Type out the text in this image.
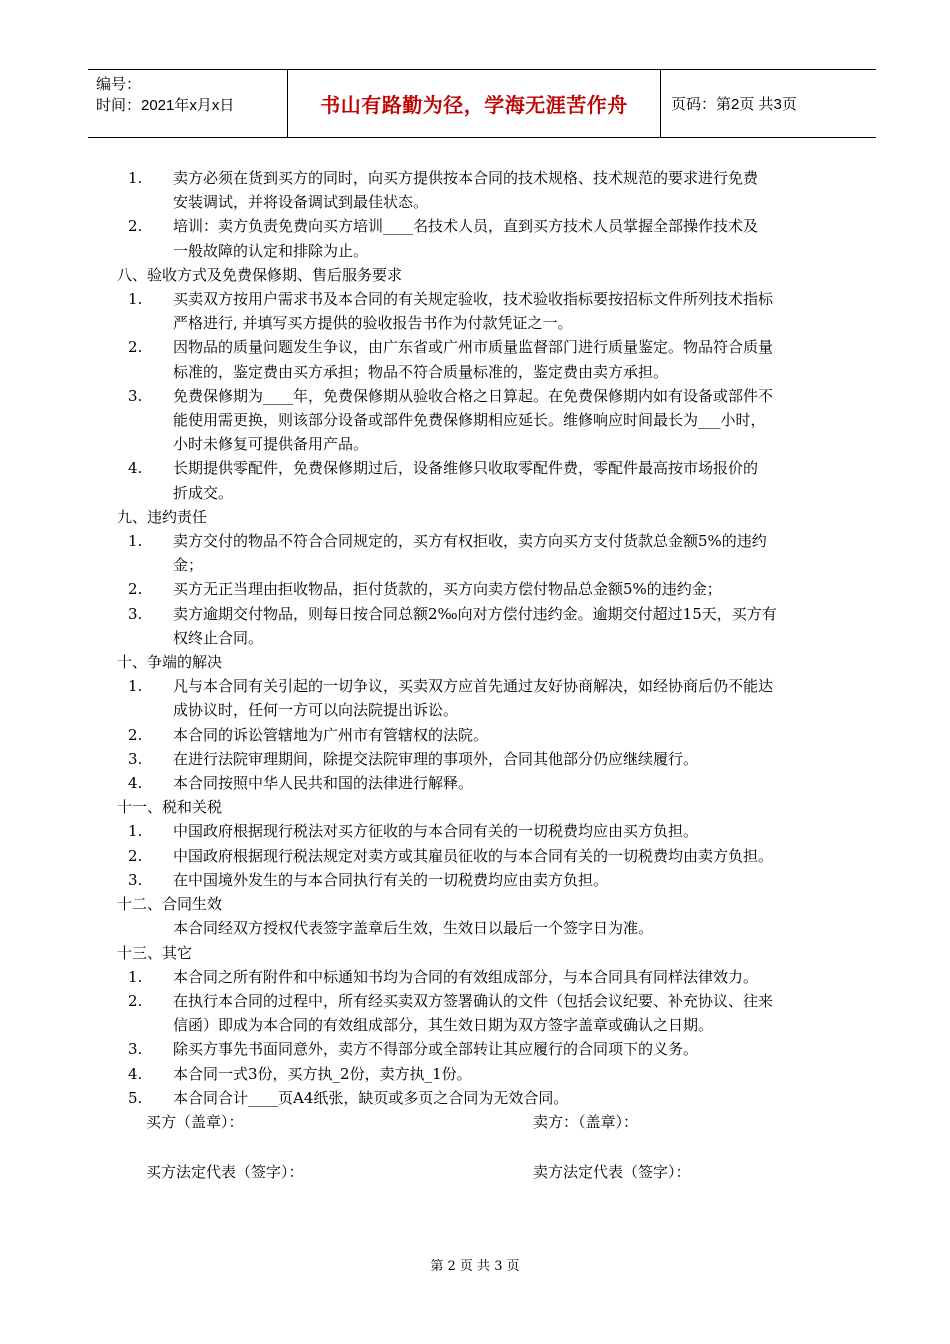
编号：
时间：2021年x月x日	书山有路勤为径，学海无涯苦作舟	页码：第2页 共3页
1. 卖方必须在货到买方的同时，向买方提供按本合同的技术规格、技术规范的要求进行免费
安装调试，并将设备调试到最佳状态。
2. 培训：卖方负责免费向买方培训____名技术人员，直到买方技术人员掌握全部操作技术及
一般故障的认定和排除为止。
八、验收方式及免费保修期、售后服务要求
1. 买卖双方按用户需求书及本合同的有关规定验收，技术验收指标要按招标文件所列技术指标
严格进行, 并填写买方提供的验收报告书作为付款凭证之一。
2. 因物品的质量问题发生争议，由广东省或广州市质量监督部门进行质量鉴定。物品符合质量
标准的，鉴定费由买方承担；物品不符合质量标准的，鉴定费由卖方承担。
3. 免费保修期为____年，免费保修期从验收合格之日算起。在免费保修期内如有设备或部件不
能使用需更换，则该部分设备或部件免费保修期相应延长。维修响应时间最长为___小时，
小时未修复可提供备用产品。
4. 长期提供零配件，免费保修期过后，设备维修只收取零配件费，零配件最高按市场报价的
折成交。
九、违约责任
1. 卖方交付的物品不符合合同规定的，买方有权拒收，卖方向买方支付货款总金额5%的违约
金；
2. 买方无正当理由拒收物品，拒付货款的，买方向卖方偿付物品总金额5%的违约金；
3. 卖方逾期交付物品，则每日按合同总额2‰向对方偿付违约金。逾期交付超过15天，买方有
权终止合同。
十、争端的解决
1. 凡与本合同有关引起的一切争议，买卖双方应首先通过友好协商解决，如经协商后仍不能达
成协议时，任何一方可以向法院提出诉讼。
2. 本合同的诉讼管辖地为广州市有管辖权的法院。
3. 在进行法院审理期间，除提交法院审理的事项外，合同其他部分仍应继续履行。
4. 本合同按照中华人民共和国的法律进行解释。
十一、税和关税
1. 中国政府根据现行税法对买方征收的与本合同有关的一切税费均应由买方负担。
2. 中国政府根据现行税法规定对卖方或其雇员征收的与本合同有关的一切税费均由卖方负担。
3. 在中国境外发生的与本合同执行有关的一切税费均应由卖方负担。
十二、合同生效
本合同经双方授权代表签字盖章后生效，生效日以最后一个签字日为准。
十三、其它
1. 本合同之所有附件和中标通知书均为合同的有效组成部分，与本合同具有同样法律效力。
2. 在执行本合同的过程中，所有经买卖双方签署确认的文件（包括会议纪要、补充协议、往来
信函）即成为本合同的有效组成部分，其生效日期为双方签字盖章或确认之日期。
3. 除买方事先书面同意外，卖方不得部分或全部转让其应履行的合同项下的义务。
4. 本合同一式3份，买方执_2份，卖方执_1份。
5. 本合同合计____页A4纸张，缺页或多页之合同为无效合同。
买方（盖章）：	卖方：（盖章）：
买方法定代表（签字）：	卖方法定代表（签字）：
第 2 页 共 3 页
